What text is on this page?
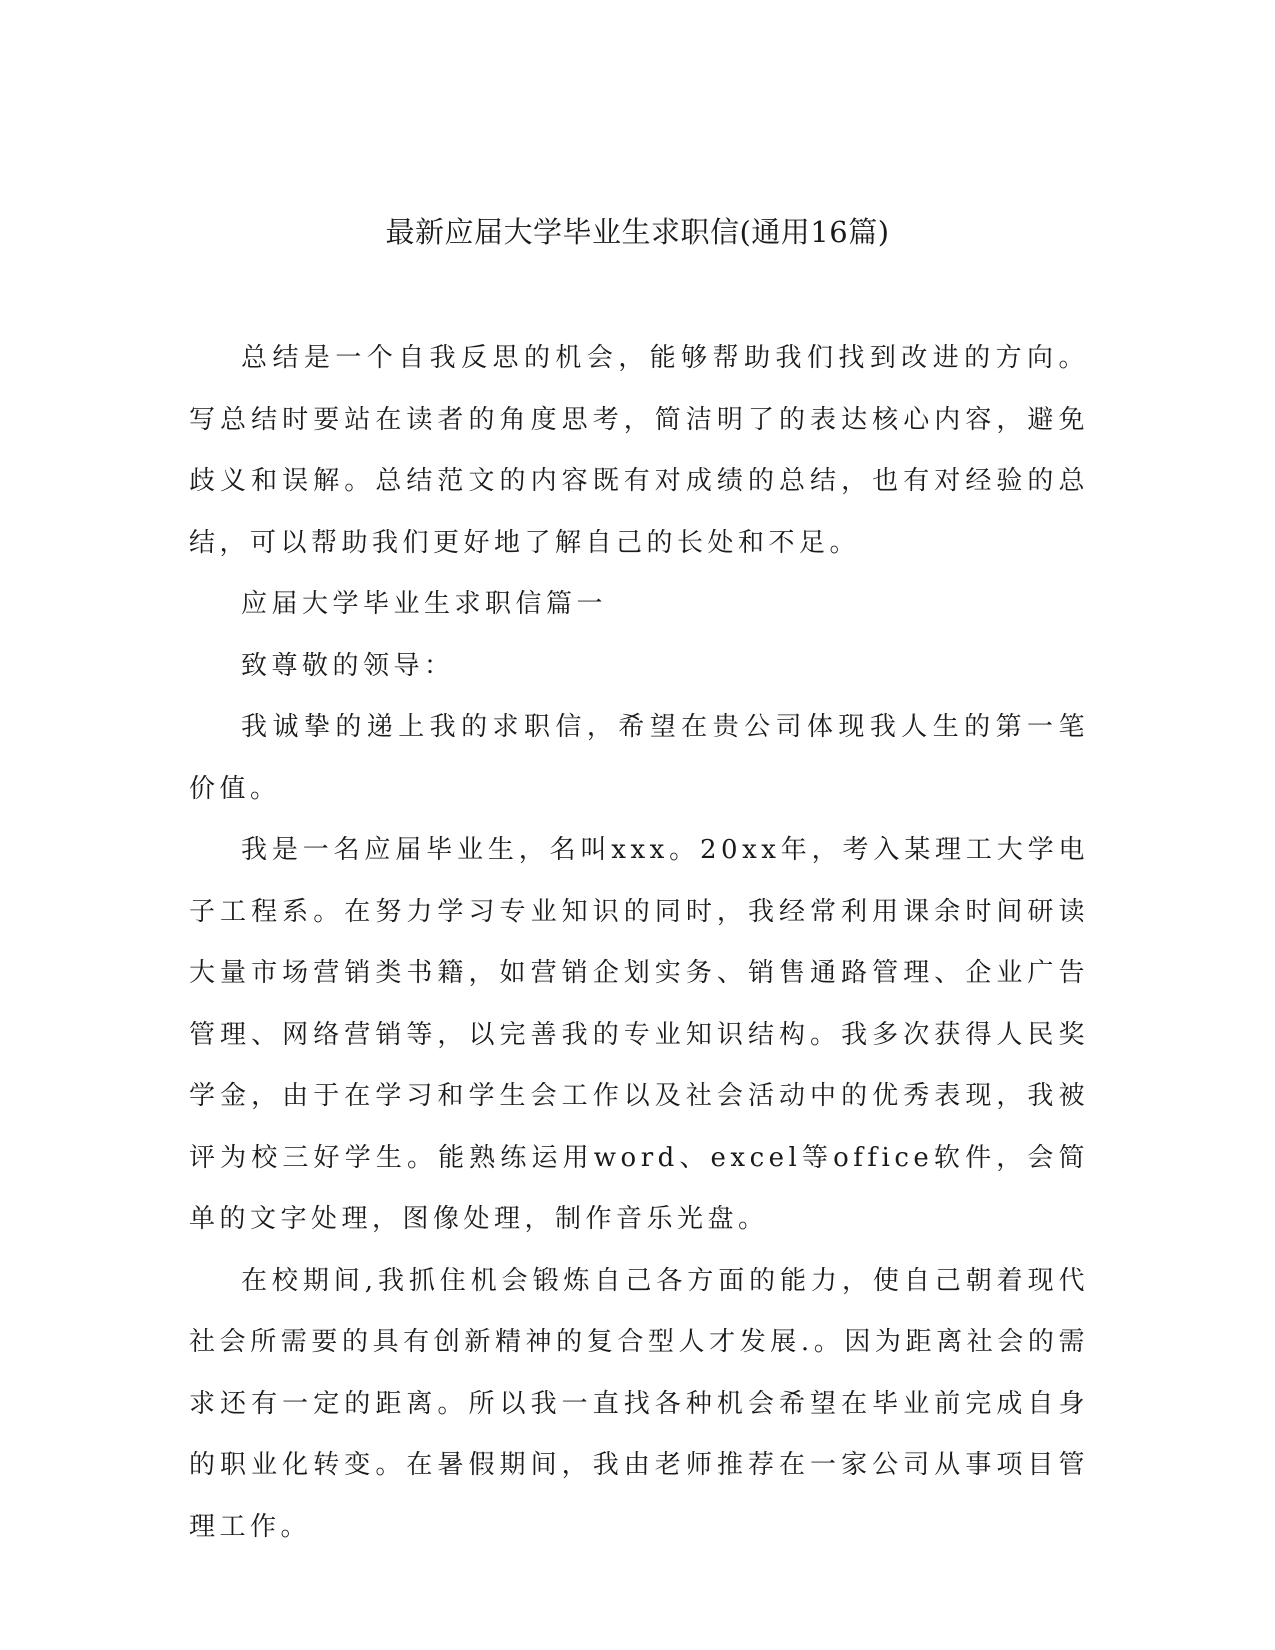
最新应届大学毕业生求职信(通用16篇)

总结是一个自我反思的机会，能够帮助我们找到改进的方向。写总结时要站在读者的角度思考，简洁明了的表达核心内容，避免歧义和误解。总结范文的内容既有对成绩的总结，也有对经验的总结，可以帮助我们更好地了解自己的长处和不足。

应届大学毕业生求职信篇一

致尊敬的领导：

我诚挚的递上我的求职信，希望在贵公司体现我人生的第一笔价值。

我是一名应届毕业生，名叫xxx。20xx年，考入某理工大学电子工程系。在努力学习专业知识的同时，我经常利用课余时间研读大量市场营销类书籍，如营销企划实务、销售通路管理、企业广告管理、网络营销等，以完善我的专业知识结构。我多次获得人民奖学金，由于在学习和学生会工作以及社会活动中的优秀表现，我被评为校三好学生。能熟练运用word、excel等office软件，会简单的文字处理，图像处理，制作音乐光盘。

在校期间,我抓住机会锻炼自己各方面的能力，使自己朝着现代社会所需要的具有创新精神的复合型人才发展.。因为距离社会的需求还有一定的距离。所以我一直找各种机会希望在毕业前完成自身的职业化转变。在暑假期间，我由老师推荐在一家公司从事项目管理工作。
